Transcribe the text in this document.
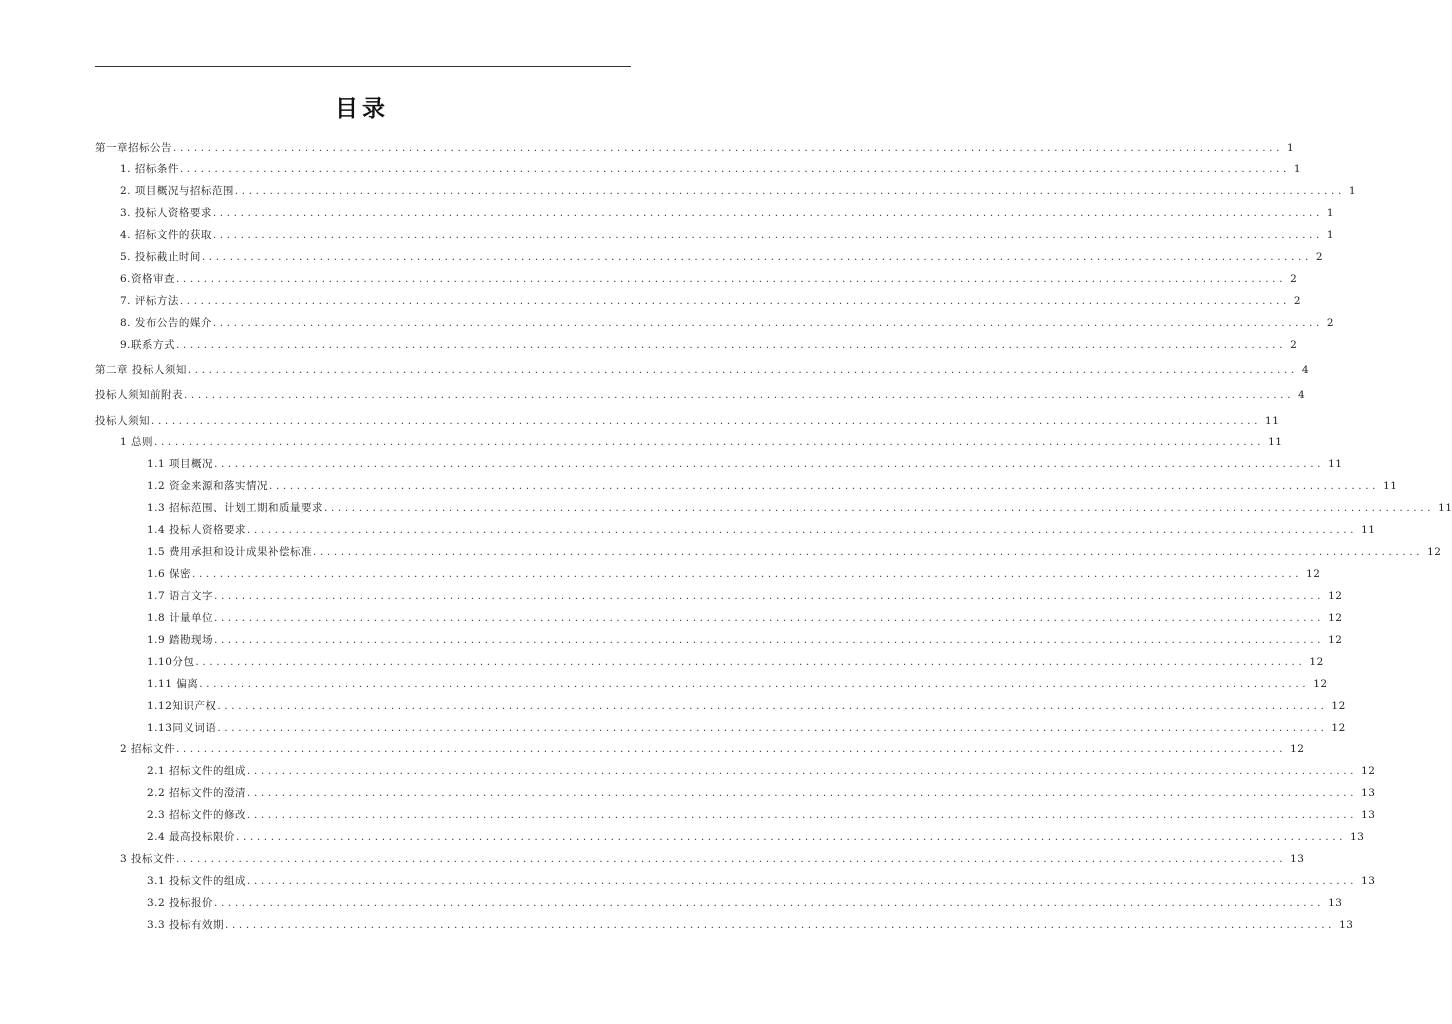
目录
第一章招标公告 ................................................................................................................................................................ 1
1. 招标条件 ................................................................................................................................................................ 1
2. 项目概况与招标范围 ................................................................................................................................................................ 1
3. 投标人资格要求 ................................................................................................................................................................ 1
4. 招标文件的获取 ................................................................................................................................................................ 1
5. 投标截止时间 ................................................................................................................................................................ 2
6.资格审查 ................................................................................................................................................................ 2
7. 评标方法 ................................................................................................................................................................ 2
8. 发布公告的媒介 ................................................................................................................................................................ 2
9.联系方式 ................................................................................................................................................................ 2
第二章 投标人须知 ................................................................................................................................................................ 4
投标人须知前附表 ................................................................................................................................................................ 4
投标人须知 ................................................................................................................................................................ 11
1 总则 ................................................................................................................................................................ 11
1.1 项目概况 ................................................................................................................................................................ 11
1.2 资金来源和落实情况 ................................................................................................................................................................ 11
1.3 招标范围、计划工期和质量要求 ................................................................................................................................................................ 11
1.4 投标人资格要求 ................................................................................................................................................................ 11
1.5 费用承担和设计成果补偿标准 ................................................................................................................................................................ 12
1.6 保密 ................................................................................................................................................................ 12
1.7 语言文字 ................................................................................................................................................................ 12
1.8 计量单位 ................................................................................................................................................................ 12
1.9 踏勘现场 ................................................................................................................................................................ 12
1.10分包 ................................................................................................................................................................ 12
1.11 偏离 ................................................................................................................................................................ 12
1.12知识产权 ................................................................................................................................................................ 12
1.13同义词语 ................................................................................................................................................................ 12
2 招标文件 ................................................................................................................................................................ 12
2.1 招标文件的组成 ................................................................................................................................................................ 12
2.2 招标文件的澄清 ................................................................................................................................................................ 13
2.3 招标文件的修改 ................................................................................................................................................................ 13
2.4 最高投标限价 ................................................................................................................................................................ 13
3 投标文件 ................................................................................................................................................................ 13
3.1 投标文件的组成 ................................................................................................................................................................ 13
3.2 投标报价 ................................................................................................................................................................ 13
3.3 投标有效期 ................................................................................................................................................................ 13
